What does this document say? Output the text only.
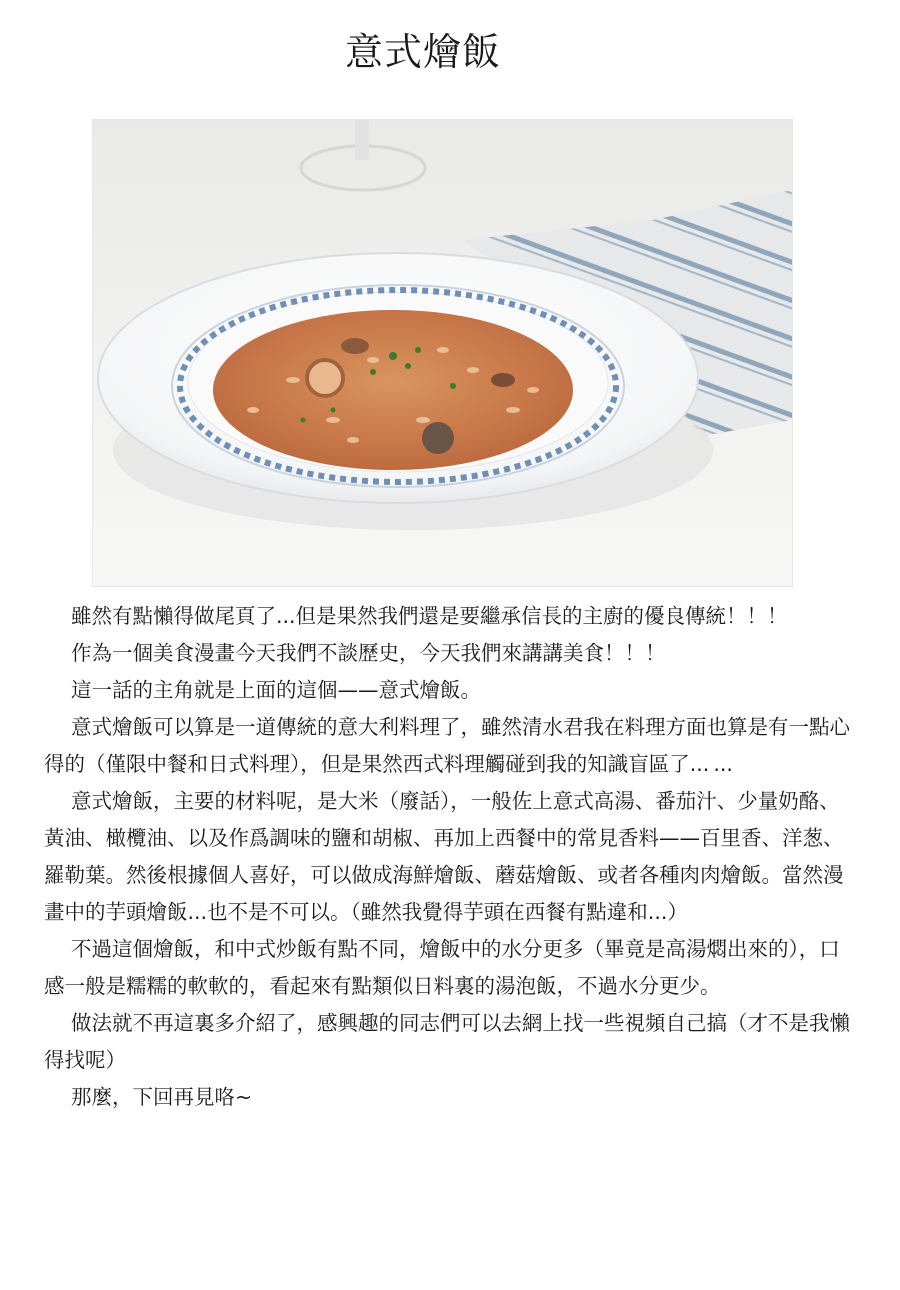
意式燴飯

雖然有點懶得做尾頁了...但是果然我們還是要繼承信長的主廚的優良傳統！！！

作為一個美食漫畫今天我們不談歷史，今天我們來講講美食！！！

這一話的主角就是上面的這個——意式燴飯。

意式燴飯可以算是一道傳統的意大利料理了，雖然清水君我在料理方面也算是有一點心得的（僅限中餐和日式料理），但是果然西式料理觸碰到我的知識盲區了... ...

意式燴飯，主要的材料呢，是大米（廢話），一般佐上意式高湯、番茄汁、少量奶酪、黃油、橄欖油、以及作爲調味的鹽和胡椒、再加上西餐中的常見香料——百里香、洋葱、羅勒葉。然後根據個人喜好，可以做成海鮮燴飯、蘑菇燴飯、或者各種肉肉燴飯。當然漫畫中的芋頭燴飯...也不是不可以。（雖然我覺得芋頭在西餐有點違和...）

不過這個燴飯，和中式炒飯有點不同，燴飯中的水分更多（畢竟是高湯燜出來的），口感一般是糯糯的軟軟的，看起來有點類似日料裏的湯泡飯，不過水分更少。

做法就不再這裏多介紹了，感興趣的同志們可以去網上找一些視頻自己搞（才不是我懶得找呢）

那麼，下回再見咯~
